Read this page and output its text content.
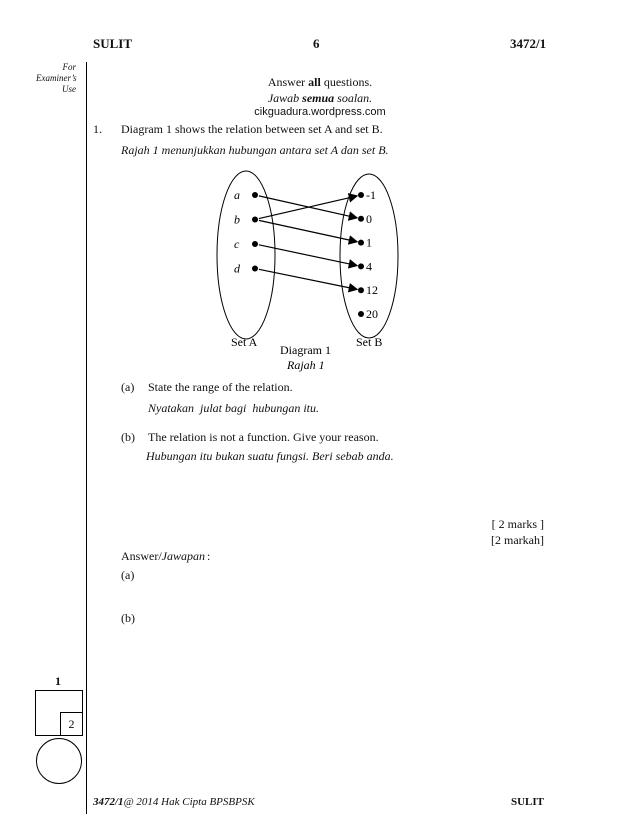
SULIT	6	3472/1
For
Examiner’s
Use	Answer all questions.
Jawab semua soalan.
cikguadura.wordpress.com
1. Diagram 1 shows the relation between set A and set B.
Rajah 1 menunjukkan hubungan antara set A dan set B.
a
b
c
d
-1
0
1
4
12
20
Set A	Set B
Diagram 1
Rajah 1
(a) State the range of the relation.
Nyatakan  julat bagi  hubungan itu.
(b) The relation is not a function. Give your reason.
Hubungan itu bukan suatu fungsi. Beri sebab anda.
[ 2 marks ]
[2 markah]
Answer/Jawapan :
(a)
(b)
1
2
3472/1@ 2014 Hak Cipta BPSBPSK	SULIT
